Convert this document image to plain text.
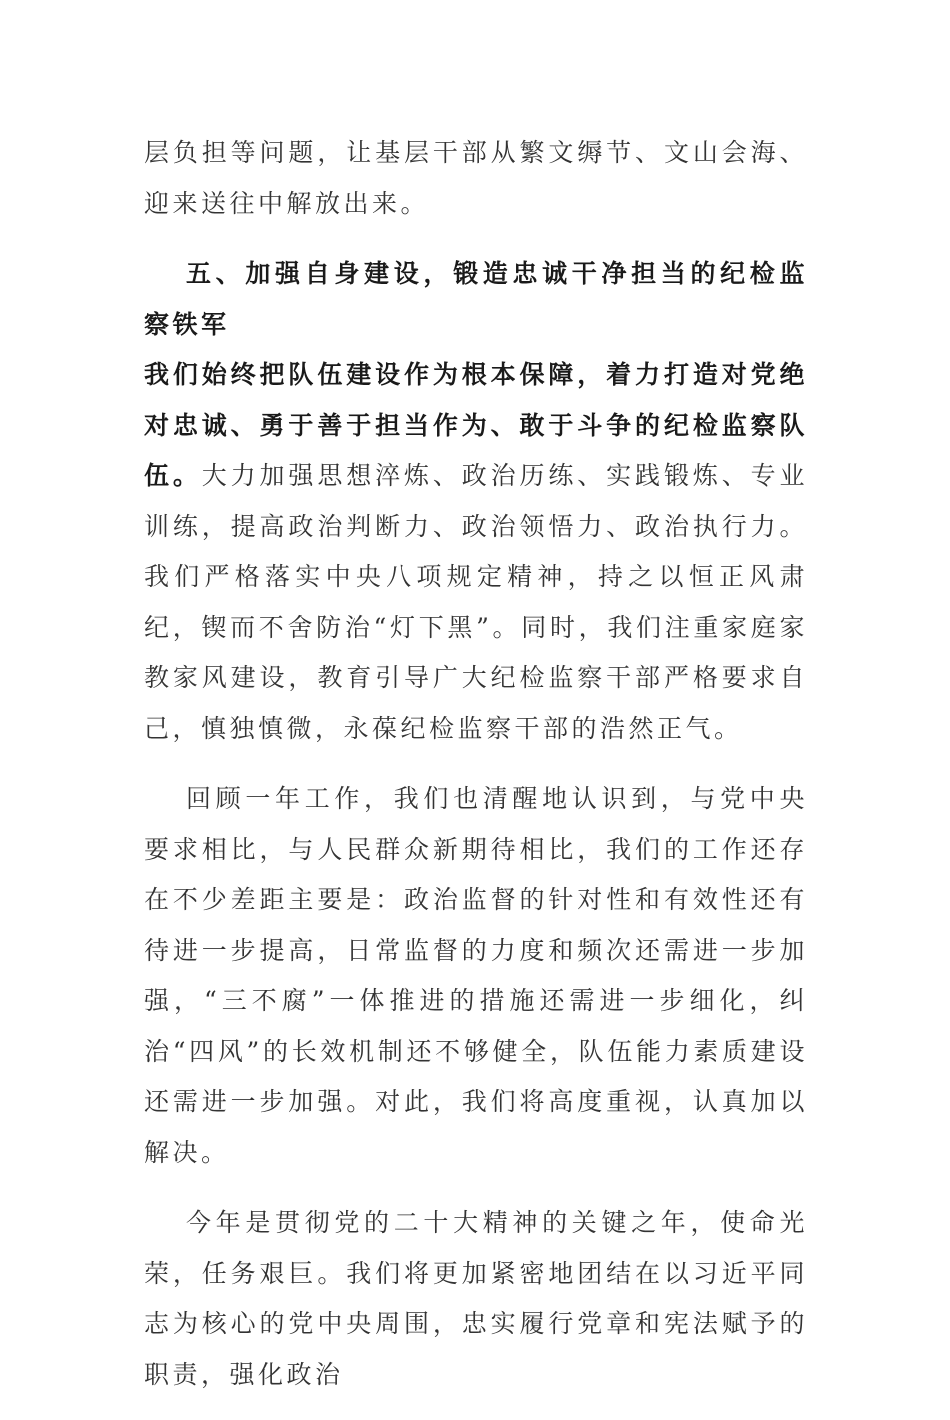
层负担等问题，让基层干部从繁文缛节、文山会海、迎来送往中解放出来。

五、加强自身建设，锻造忠诚干净担当的纪检监察铁军
我们始终把队伍建设作为根本保障，着力打造对党绝对忠诚、勇于善于担当作为、敢于斗争的纪检监察队伍。大力加强思想淬炼、政治历练、实践锻炼、专业训练，提高政治判断力、政治领悟力、政治执行力。我们严格落实中央八项规定精神，持之以恒正风肃纪，锲而不舍防治“灯下黑”。同时，我们注重家庭家教家风建设，教育引导广大纪检监察干部严格要求自己，慎独慎微，永葆纪检监察干部的浩然正气。

回顾一年工作，我们也清醒地认识到，与党中央要求相比，与人民群众新期待相比，我们的工作还存在不少差距主要是：政治监督的针对性和有效性还有待进一步提高，日常监督的力度和频次还需进一步加强，“三不腐”一体推进的措施还需进一步细化，纠治“四风”的长效机制还不够健全，队伍能力素质建设还需进一步加强。对此，我们将高度重视，认真加以解决。

今年是贯彻党的二十大精神的关键之年，使命光荣，任务艰巨。我们将更加紧密地团结在以习近平同志为核心的党中央周围，忠实履行党章和宪法赋予的职责，强化政治
